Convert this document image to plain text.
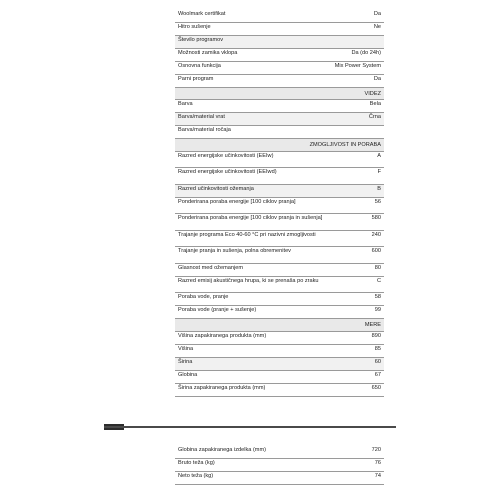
Woolmark certifikat	Da
Hitro sušenje	Ne
Število programov
Možnosti zamika vklopa	Da (do 24h)
Osnovna funkcija	Mix Power System
Parni program	Da
VIDEZ
Barva	Bela
Barva/material vrat	Črna
Barva/material ročaja
ZMOGLJIVOST IN PORABA
Razred energijske učinkovitosti (EEIw)	A
Razred energijske učinkovitosti (EEIwd)	F
Razred učinkovitosti ožemanja	B
Ponderirana poraba energije [100 ciklov pranja]	56
Ponderirana poraba energije [100 ciklov pranja in sušenja]	580
Trajanje programa Eco 40-60 °C pri nazivni zmogljivosti	240
Trajanje pranja in sušenja, polna obremenitev	600
Glasnost med ožemanjem	80
Razred emisij akustičnega hrupa, ki se prenaša po zraku	C
Poraba vode, pranje	58
Poraba vode (pranje + sušenje)	99
MERE
Višina zapakiranega produkta (mm)	890
Višina	85
Širina	60
Globina	67
Širina zapakiranega produkta (mm)	650
Globina zapakiranega izdelka (mm)	720
Bruto teža (kg)	76
Neto teža (kg)	74
